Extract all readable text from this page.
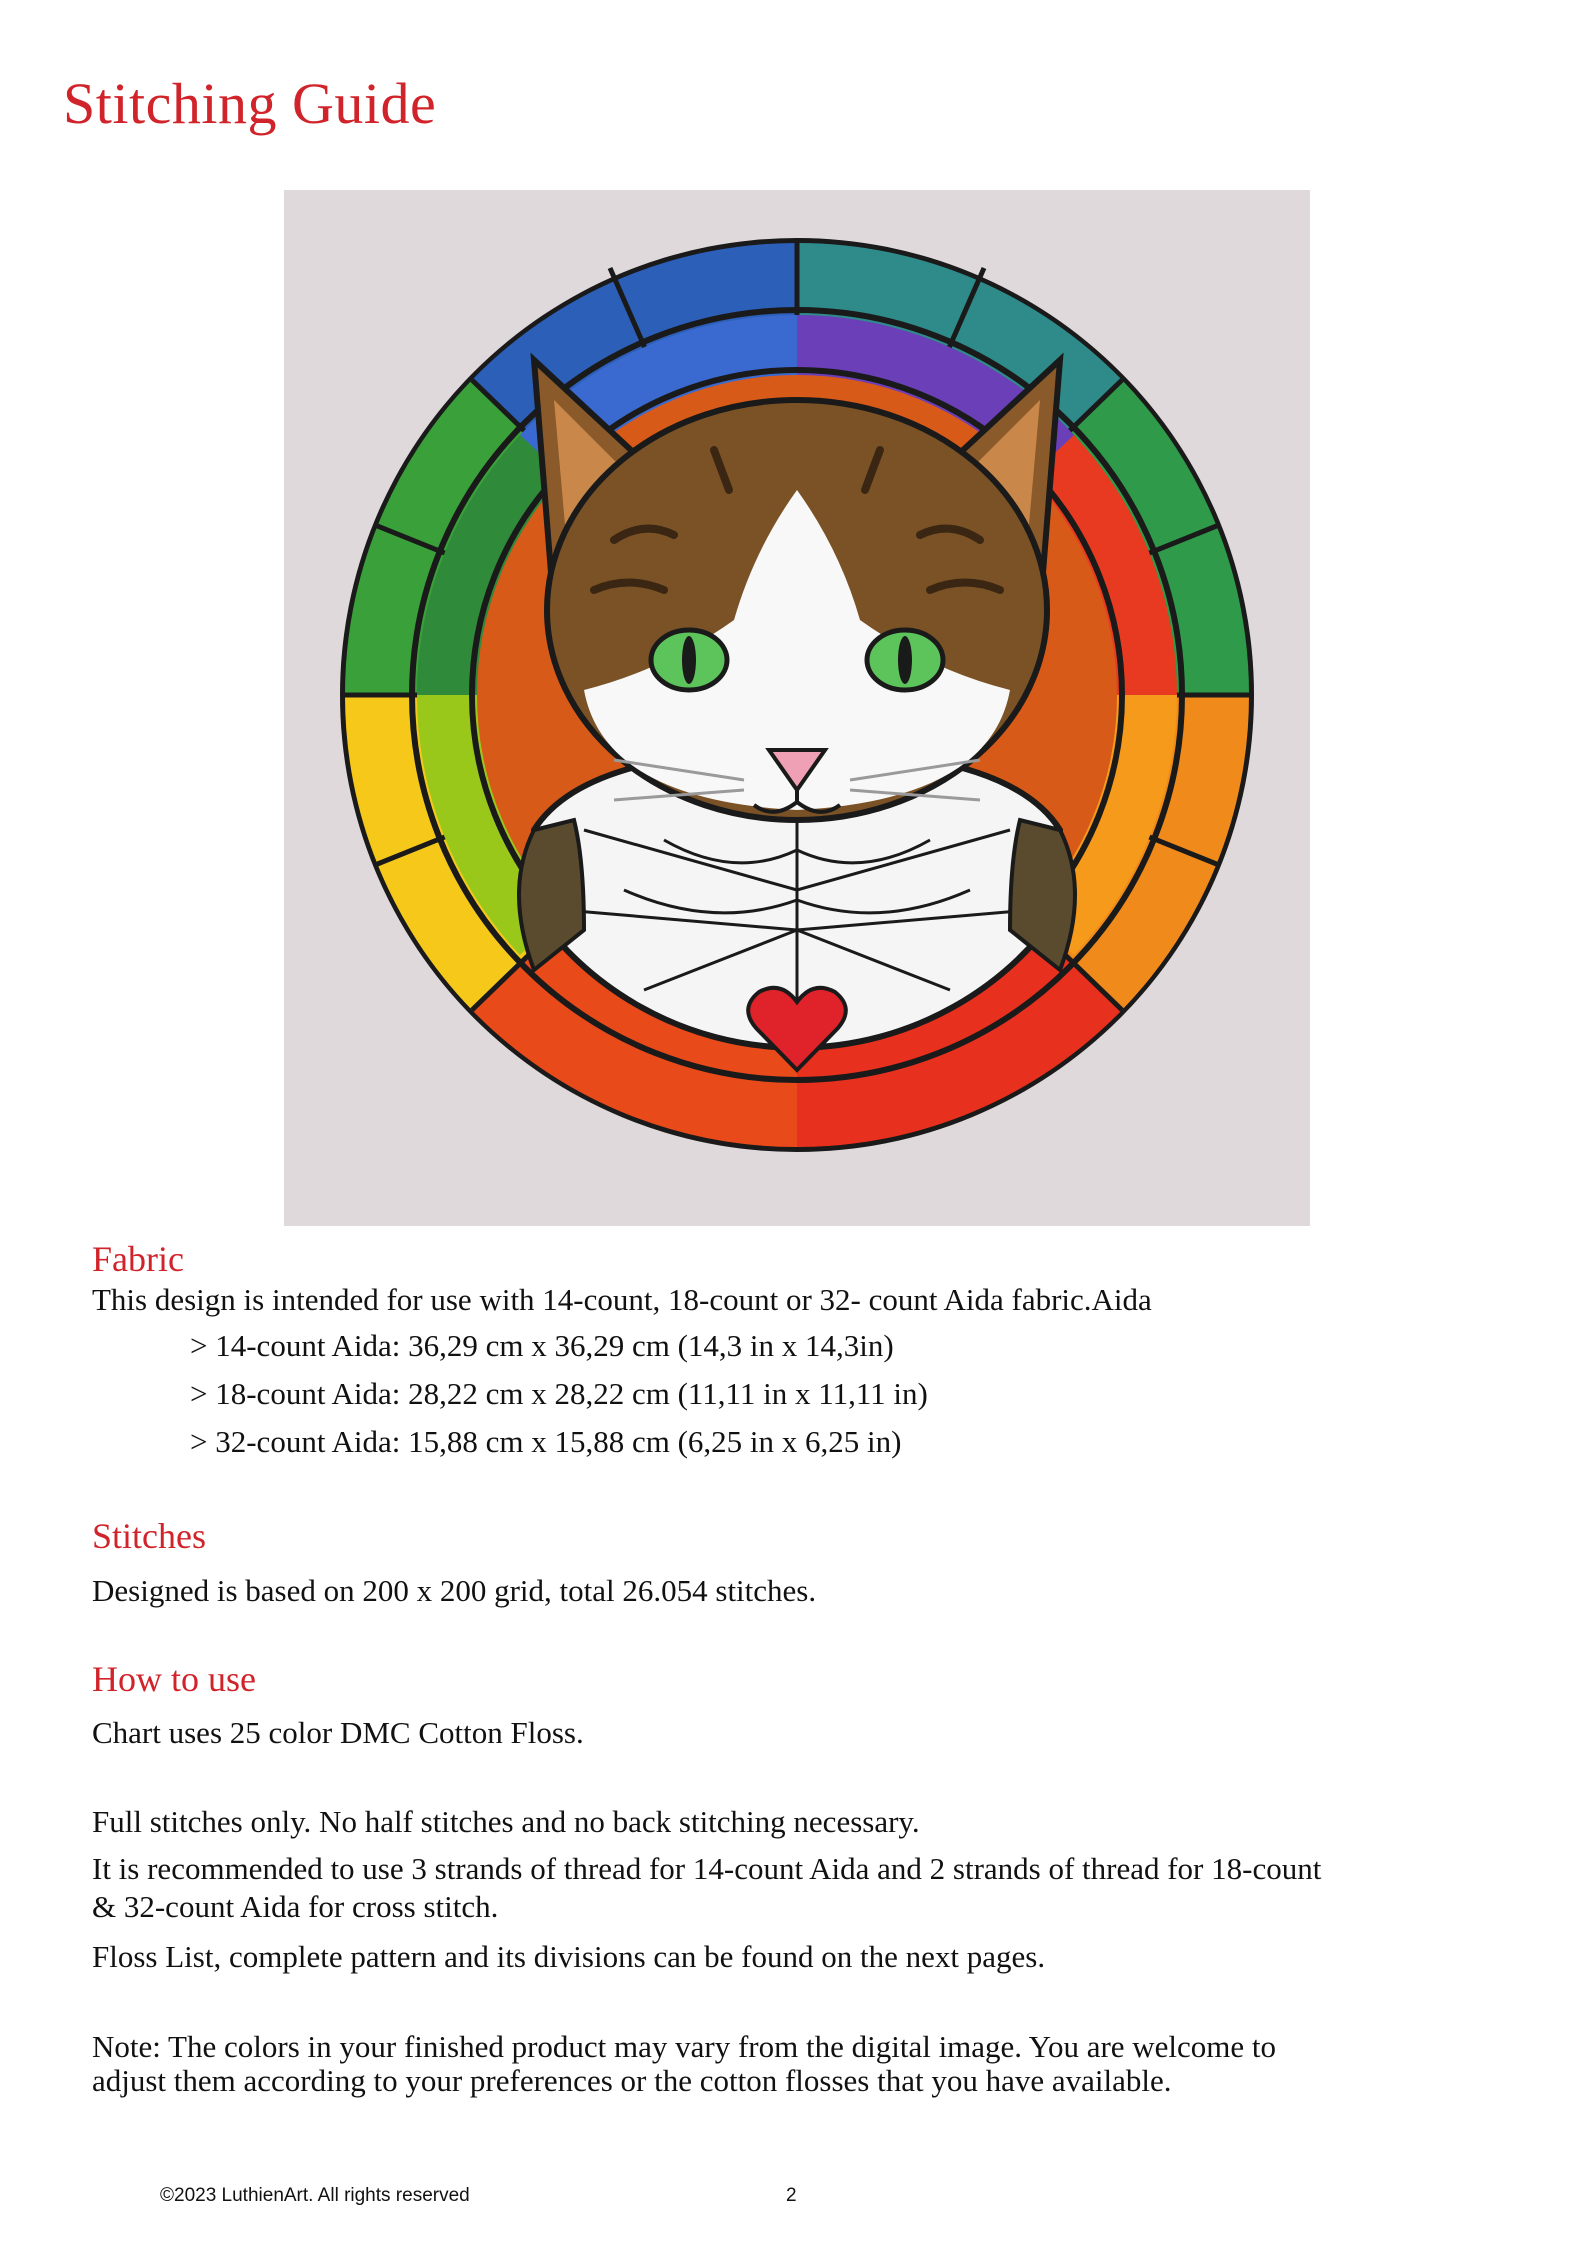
Stitching Guide
Fabric

This design is intended for use with 14-count, 18-count or 32- count Aida fabric.Aida

> 14-count Aida: 36,29 cm x 36,29 cm (14,3 in x 14,3in)
> 18-count Aida: 28,22 cm x 28,22 cm (11,11 in x 11,11 in)
> 32-count Aida: 15,88 cm x 15,88 cm (6,25 in x 6,25 in)
Stitches

Designed is based on 200 x 200 grid, total 26.054 stitches.

How to use

Chart uses 25 color DMC Cotton Floss.

Full stitches only. No half stitches and no back stitching necessary.

It is recommended to use 3 strands of thread for 14-count Aida and 2 strands of thread for 18-count

& 32-count Aida for cross stitch.

Floss List, complete pattern and its divisions can be found on the next pages.

Note: The colors in your finished product may vary from the digital image. You are welcome to

adjust them according to your preferences or the cotton flosses that you have available.

©2023 LuthienArt. All rights reserved	2
